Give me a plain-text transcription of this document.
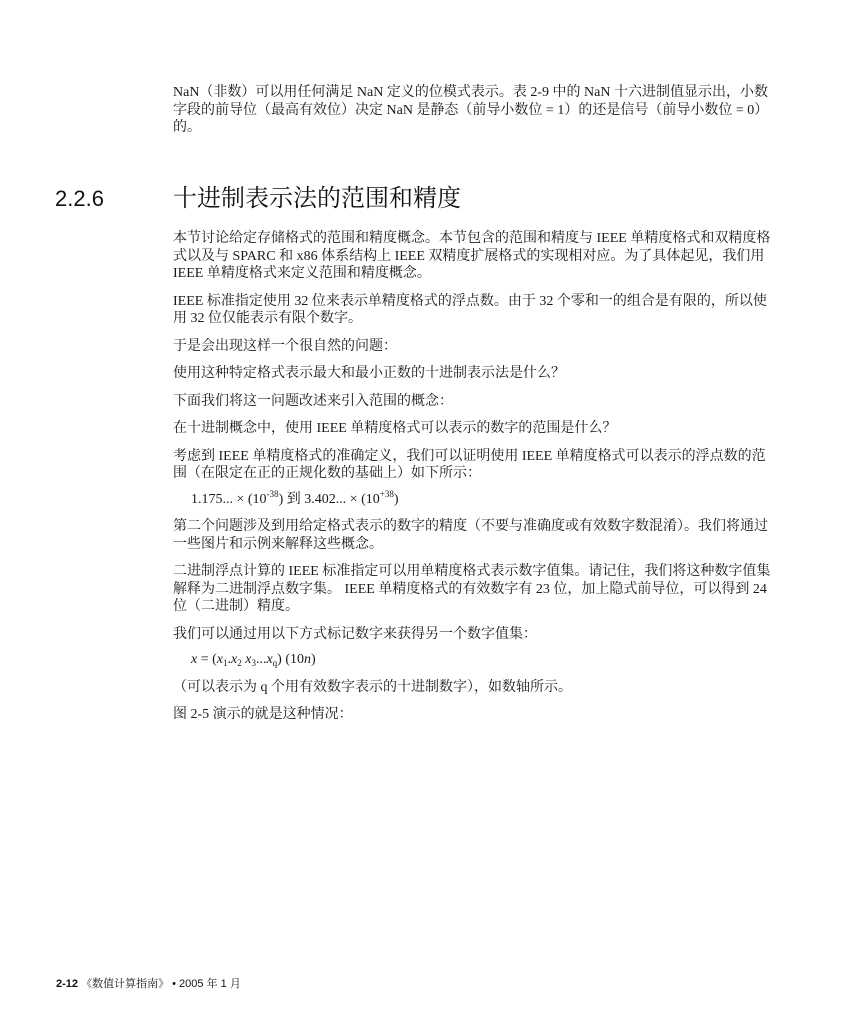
NaN（非数）可以用任何满足 NaN 定义的位模式表示。表 2-9 中的 NaN 十六进制值显示出，小数字段的前导位（最高有效位）决定 NaN 是静态（前导小数位 = 1）的还是信号（前导小数位 = 0）的。

2.2.6	十进制表示法的范围和精度

本节讨论给定存储格式的范围和精度概念。本节包含的范围和精度与 IEEE 单精度格式和双精度格式以及与 SPARC 和 x86 体系结构上 IEEE 双精度扩展格式的实现相对应。为了具体起见，我们用 IEEE 单精度格式来定义范围和精度概念。

IEEE 标准指定使用 32 位来表示单精度格式的浮点数。由于 32 个零和一的组合是有限的，所以使用 32 位仅能表示有限个数字。

于是会出现这样一个很自然的问题：

使用这种特定格式表示最大和最小正数的十进制表示法是什么？

下面我们将这一问题改述来引入范围的概念：

在十进制概念中，使用 IEEE 单精度格式可以表示的数字的范围是什么？

考虑到 IEEE 单精度格式的准确定义，我们可以证明使用 IEEE 单精度格式可以表示的浮点数的范围（在限定在正的正规化数的基础上）如下所示：

1.175... × $(10^{-38})$ 到 3.402... × $(10^{+38})$

第二个问题涉及到用给定格式表示的数字的精度（不要与准确度或有效数字数混淆）。我们将通过一些图片和示例来解释这些概念。

二进制浮点计算的 IEEE 标准指定可以用单精度格式表示数字值集。请记住，我们将这种数字值集解释为二进制浮点数字集。 IEEE 单精度格式的有效数字有 23 位，加上隐式前导位，可以得到 24 位（二进制）精度。

我们可以通过用以下方式标记数字来获得另一个数字值集：

$x = (x_1.x_2$ $x_3...x_q$) (10n)

（可以表示为 q 个用有效数字表示的十进制数字），如数轴所示。

图 2-5 演示的就是这种情况：

2-12 《数值计算指南》 • 2005 年 1 月
